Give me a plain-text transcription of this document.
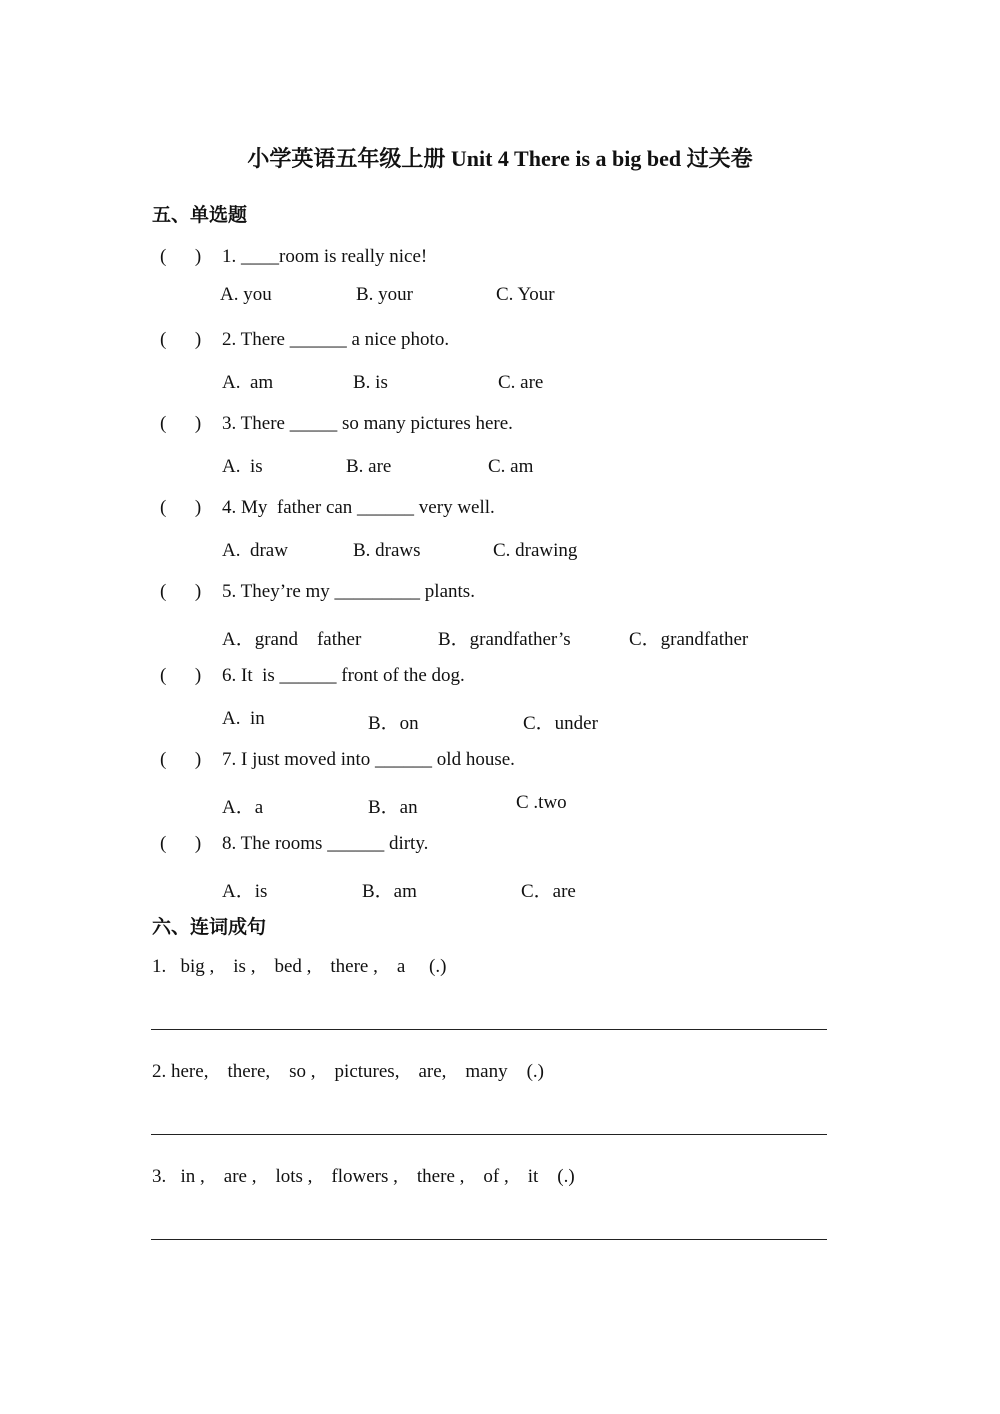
小学英语五年级上册 Unit 4 There is a big bed 过关卷
五、单选题
(      ) 1. ____room is really nice!
A. you	B. your	C. Your
(      ) 2. There ______ a nice photo.
A.  am	B. is	C. are
(      ) 3. There _____ so many pictures here.
A.  is	B. are	C. am
(      ) 4. My  father can ______ very well.
A.  draw	B. draws	C. drawing
(      ) 5. They’re my _________ plants.
A．grand    father	B．grandfather’s	C．grandfather
(      ) 6. It  is ______ front of the dog.
A.  in	B．on	C．under
(      ) 7. I just moved into ______ old house.
A．a	B．an	C .two
(      ) 8. The rooms ______ dirty.
A．is	B．am	C．are
六、连词成句
1.   big ,    is ,    bed ,    there ,    a     (.)
2. here,    there,    so ,    pictures,    are,    many    (.)
3.   in ,    are ,    lots ,    flowers ,    there ,    of ,    it    (.)
